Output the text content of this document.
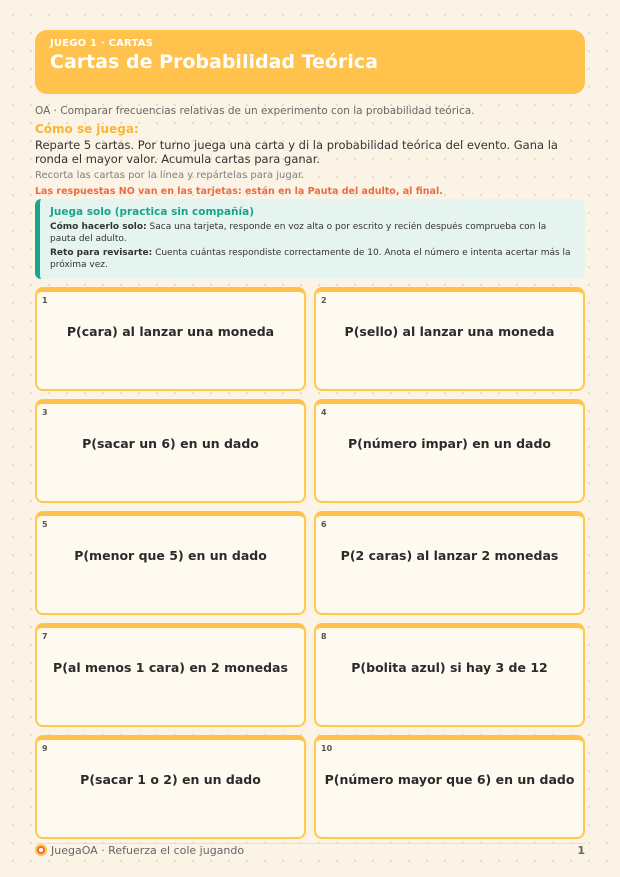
JUEGO 1 · CARTAS
Cartas de Probabilidad Teórica
OA · Comparar frecuencias relativas de un experimento con la probabilidad teórica.
Cómo se juega:
Reparte 5 cartas. Por turno juega una carta y di la probabilidad teórica del evento. Gana la ronda el mayor valor. Acumula cartas para ganar.
Recorta las cartas por la línea y repártelas para jugar.
Las respuestas NO van en las tarjetas: están en la Pauta del adulto, al final.
Juega solo (practica sin compañía)
Cómo hacerlo solo: Saca una tarjeta, responde en voz alta o por escrito y recién después comprueba con la pauta del adulto.
Reto para revisarte: Cuenta cuántas respondiste correctamente de 10. Anota el número e intenta acertar más la próxima vez.
1
P(cara) al lanzar una moneda
2
P(sello) al lanzar una moneda
3
P(sacar un 6) en un dado
4
P(número impar) en un dado
5
P(menor que 5) en un dado
6
P(2 caras) al lanzar 2 monedas
7
P(al menos 1 cara) en 2 monedas
8
P(bolita azul) si hay 3 de 12
9
P(sacar 1 o 2) en un dado
10
P(número mayor que 6) en un dado
JuegaOA · Refuerza el cole jugando	1
